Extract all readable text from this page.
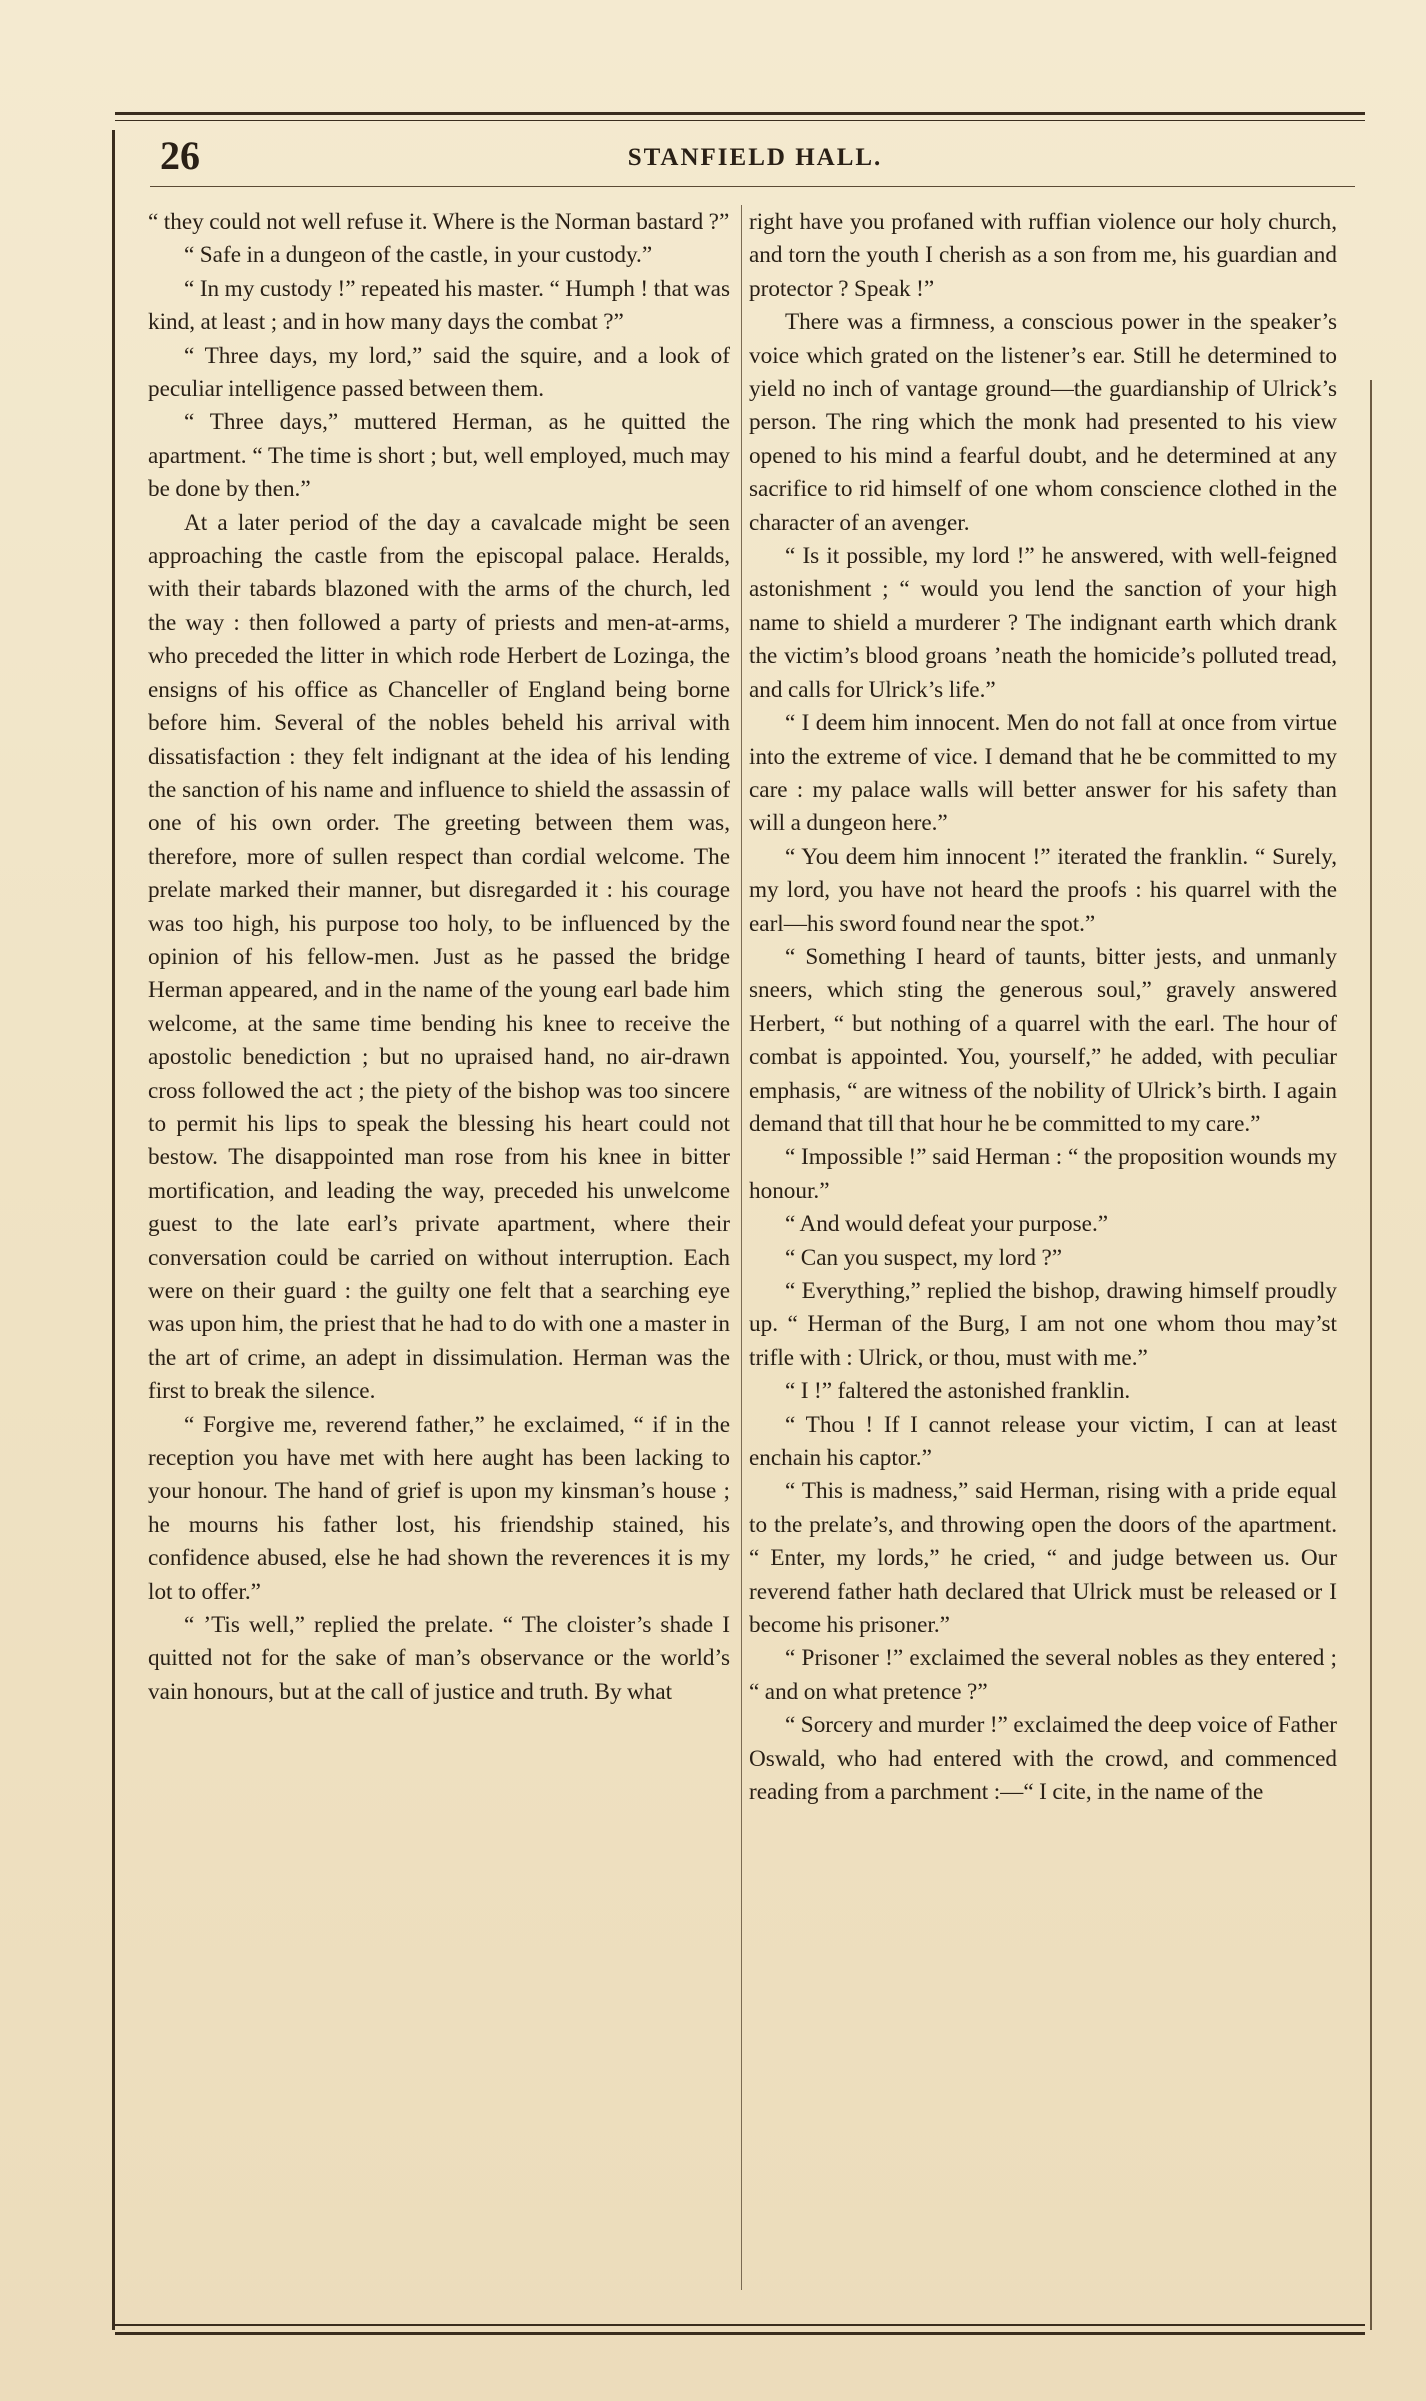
26	STANFIELD HALL.

“ they could not well refuse it. Where is the Norman bastard ?”

“ Safe in a dungeon of the castle, in your custody.”

“ In my custody !” repeated his master. “ Humph ! that was kind, at least ; and in how many days the combat ?”

“ Three days, my lord,” said the squire, and a look of peculiar intelligence passed between them.

“ Three days,” muttered Herman, as he quitted the apartment. “ The time is short ; but, well employed, much may be done by then.”

At a later period of the day a cavalcade might be seen approaching the castle from the episcopal palace. Heralds, with their tabards blazoned with the arms of the church, led the way : then followed a party of priests and men-at-arms, who preceded the litter in which rode Herbert de Lozinga, the ensigns of his office as Chanceller of England being borne before him. Several of the nobles beheld his arrival with dissatisfaction : they felt indignant at the idea of his lending the sanction of his name and influence to shield the assassin of one of his own order. The greeting between them was, therefore, more of sullen respect than cordial welcome. The prelate marked their manner, but disregarded it : his courage was too high, his purpose too holy, to be influenced by the opinion of his fellow-men. Just as he passed the bridge Herman appeared, and in the name of the young earl bade him welcome, at the same time bending his knee to receive the apostolic benediction ; but no upraised hand, no air-drawn cross followed the act ; the piety of the bishop was too sincere to permit his lips to speak the blessing his heart could not bestow. The disappointed man rose from his knee in bitter mortification, and leading the way, preceded his unwelcome guest to the late earl’s private apartment, where their conversation could be carried on without interruption. Each were on their guard : the guilty one felt that a searching eye was upon him, the priest that he had to do with one a master in the art of crime, an adept in dissimulation. Herman was the first to break the silence.

“ Forgive me, reverend father,” he exclaimed, “ if in the reception you have met with here aught has been lacking to your honour. The hand of grief is upon my kinsman’s house ; he mourns his father lost, his friendship stained, his confidence abused, else he had shown the reverences it is my lot to offer.”

“ ’Tis well,” replied the prelate. “ The cloister’s shade I quitted not for the sake of man’s observance or the world’s vain honours, but at the call of justice and truth. By what

right have you profaned with ruffian violence our holy church, and torn the youth I cherish as a son from me, his guardian and protector ? Speak !”

There was a firmness, a conscious power in the speaker’s voice which grated on the listener’s ear. Still he determined to yield no inch of vantage ground—the guardianship of Ulrick’s person. The ring which the monk had presented to his view opened to his mind a fearful doubt, and he determined at any sacrifice to rid himself of one whom conscience clothed in the character of an avenger.

“ Is it possible, my lord !” he answered, with well-feigned astonishment ; “ would you lend the sanction of your high name to shield a murderer ? The indignant earth which drank the victim’s blood groans ’neath the homicide’s polluted tread, and calls for Ulrick’s life.”

“ I deem him innocent. Men do not fall at once from virtue into the extreme of vice. I demand that he be committed to my care : my palace walls will better answer for his safety than will a dungeon here.”

“ You deem him innocent !” iterated the franklin. “ Surely, my lord, you have not heard the proofs : his quarrel with the earl—his sword found near the spot.”

“ Something I heard of taunts, bitter jests, and unmanly sneers, which sting the generous soul,” gravely answered Herbert, “ but nothing of a quarrel with the earl. The hour of combat is appointed. You, yourself,” he added, with peculiar emphasis, “ are witness of the nobility of Ulrick’s birth. I again demand that till that hour he be committed to my care.”

“ Impossible !” said Herman : “ the proposition wounds my honour.”

“ And would defeat your purpose.”

“ Can you suspect, my lord ?”

“ Everything,” replied the bishop, drawing himself proudly up. “ Herman of the Burg, I am not one whom thou may’st trifle with : Ulrick, or thou, must with me.”

“ I !” faltered the astonished franklin.

“ Thou ! If I cannot release your victim, I can at least enchain his captor.”

“ This is madness,” said Herman, rising with a pride equal to the prelate’s, and throwing open the doors of the apartment. “ Enter, my lords,” he cried, “ and judge between us. Our reverend father hath declared that Ulrick must be released or I become his prisoner.”

“ Prisoner !” exclaimed the several nobles as they entered ; “ and on what pretence ?”

“ Sorcery and murder !” exclaimed the deep voice of Father Oswald, who had entered with the crowd, and commenced reading from a parchment :—“ I cite, in the name of the
